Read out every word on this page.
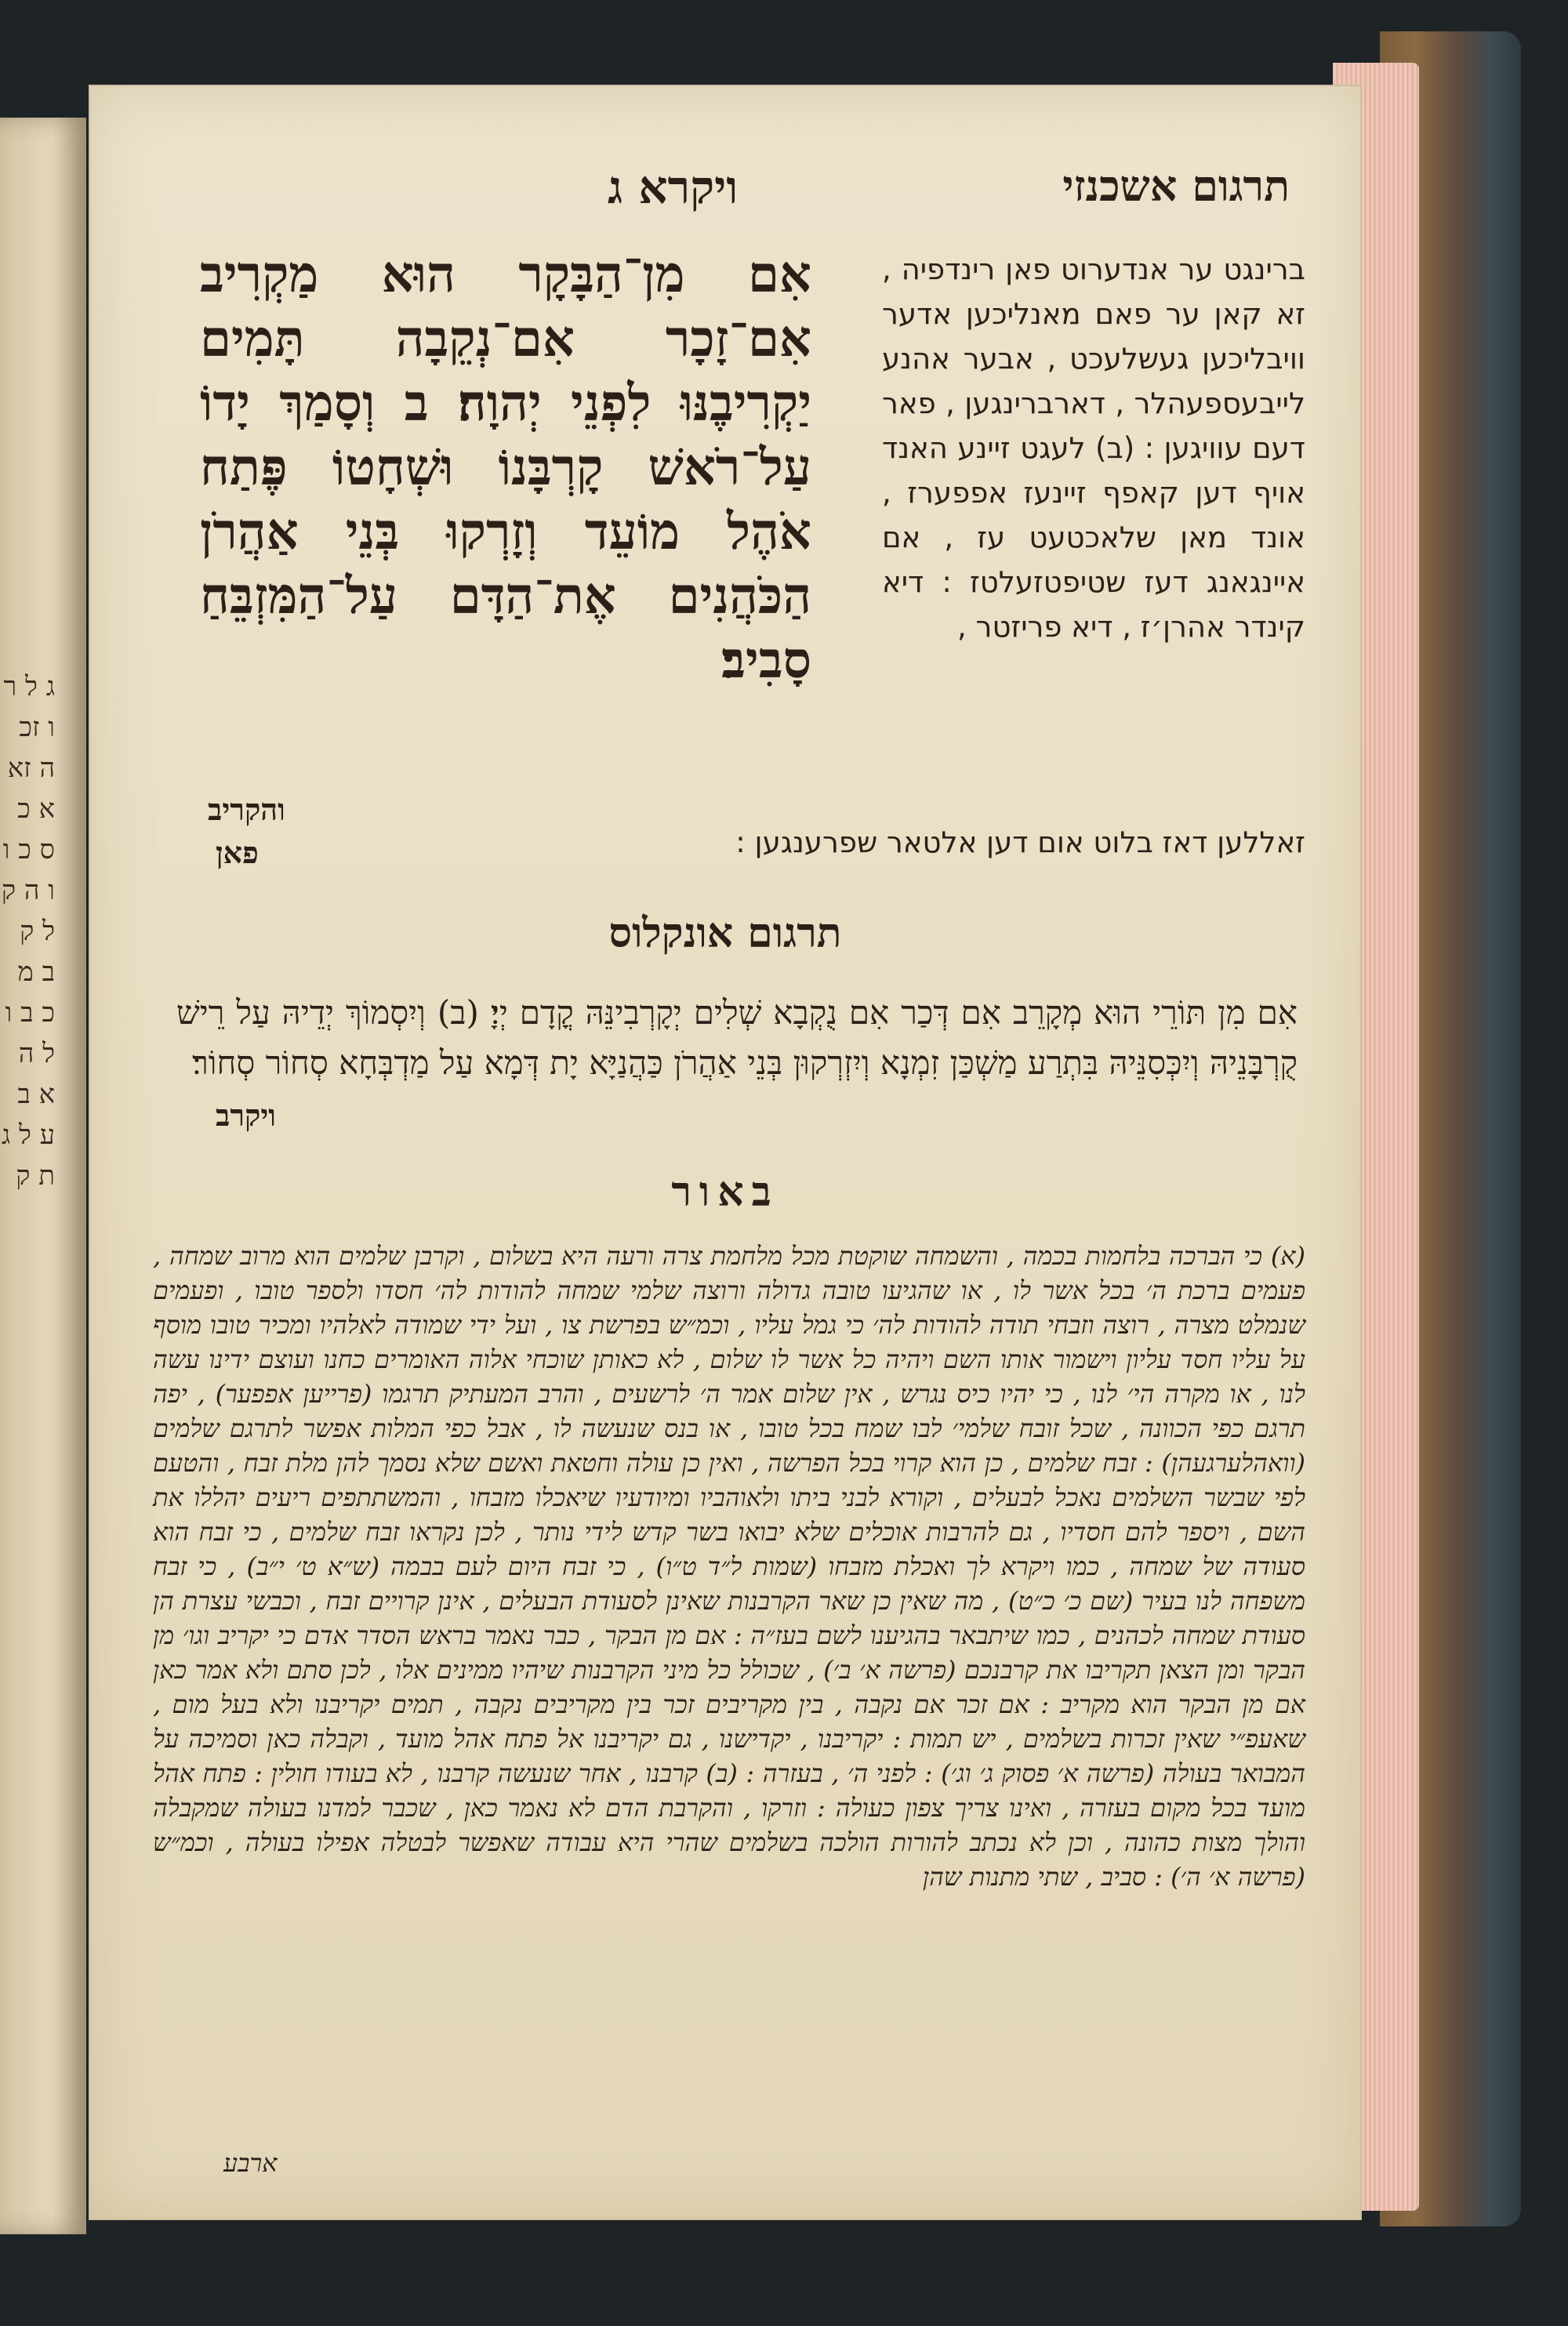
ג ל ר ו זכ ה זא א כ ס כ ו ו ה ק ל ק ב מ כ ב ו ל ה א ב ע ל ג ת ק
תרגום אשכנזי
ויקרא ג
אִם מִן־הַבָּקָר הוּא מַקְרִיב אִם־זָכָר אִם־נְקֵבָה תָּמִים יַקְרִיבֶנּוּ לִפְנֵי יְהוָה׃ ב וְסָמַךְ יָדוֹ עַל־רֹאשׁ קָרְבָּנוֹ וּשְׁחָטוֹ פֶּתַח אֹהֶל מוֹעֵד וְזָרְקוּ בְּנֵי אַהֲרֹן הַכֹּהֲנִים אֶת־הַדָּם עַל־הַמִּזְבֵּחַ סָבִיב׃
ברינגט ער אנדערוט פאן רינדפיה , זא קאן ער פאם מאנליכען אדער וויבליכען געשלעכט , אבער אהנע לייבעספעהלר , דארברינגען , פאר דעם עוויגען : (ב) לעגט זיינע האנד אויף דען קאפף זיינעז אפפערז , אונד מאן שלאכטעט עז , אם איינגאנג דעז שטיפטזעלטז : דיא קינדר אהרן׳ז , דיא פריזטר ,
והקריב
פאן	זאללען דאז בלוט אום דען אלטאר שפרענגען :
תרגום אונקלוס
אִם מִן תּוֹרֵי הוּא מְקָרֵב אִם דְּכַר אִם נֻקְבָא שְׁלִים יְקָרְבִינֵּהּ קֳדָם יְיָ׃ (ב) וְיִסְמוֹךְ יְדֵיהּ עַל רֵישׁ קֻרְבָּנֵיהּ וְיִכְּסִנֵּיהּ בִּתְרַע מַשְׁכַּן זִמְנָא וְיִזְרְקוּן בְּנֵי אַהֲרֹן כַּהֲנַיָּא יָת דְּמָא עַל מַדְבְּחָא סְחוֹר סְחוֹר׃
ויקרב
באור
(א) כי הברכה בלחמות בכמה , והשמחה שוקטת מכל מלחמת צרה ורעה היא בשלום , וקרבן שלמים הוא מרוב שמחה , פעמים ברכת ה׳ בכל אשר לו , או שהגיעו טובה גדולה ורוצה שלמי שמחה להודות לה׳ חסדו ולספר טובו , ופעמים שנמלט מצרה , רוצה וזבחי תודה להודות לה׳ כי גמל עליו , וכמ״ש בפרשת צו , ועל ידי שמודה לאלהיו ומכיר טובו מוסף על עליו חסד עליון וישמור אותו השם ויהיה כל אשר לו שלום , לא כאותן שוכחי אלוה האומרים כחנו ועוצם ידינו עשה לנו , או מקרה הי׳ לנו , כי יהיו כיס נגרש , אין שלום אמר ה׳ לרשעים , והרב המעתיק תרגמו (פרייען אפפער) , יפה תרגם כפי הכוונה , שכל זובח שלמי׳ לבו שמח בכל טובו , או בנס שנעשה לו , אבל כפי המלות אפשר לתרגם שלמים (וואהלערגעהן) : זבח שלמים , כן הוא קרוי בכל הפרשה , ואין כן עולה וחטאת ואשם שלא נסמך להן מלת זבח , והטעם לפי שבשר השלמים נאכל לבעלים , וקורא לבני ביתו ולאוהביו ומיודעיו שיאכלו מזבחו , והמשתתפים ריעים יהללו את השם , ויספר להם חסדיו , גם להרבות אוכלים שלא יבואו בשר קדש לידי נותר , לכן נקראו זבח שלמים , כי זבח הוא סעודה של שמחה , כמו ויקרא לך ואכלת מזבחו (שמות ל״ד ט״ו) , כי זבח היום לעם בבמה (ש״א ט׳ י״ב) , כי זבח משפחה לנו בעיר (שם כ׳ כ״ט) , מה שאין כן שאר הקרבנות שאינן לסעודת הבעלים , אינן קרויים זבח , וכבשי עצרת הן סעודת שמחה לכהנים , כמו שיתבאר בהגיענו לשם בעז״ה : אם מן הבקר , כבר נאמר בראש הסדר אדם כי יקריב וגו׳ מן הבקר ומן הצאן תקריבו את קרבנכם (פרשה א׳ ב׳) , שכולל כל מיני הקרבנות שיהיו ממינים אלו , לכן סתם ולא אמר כאן אם מן הבקר הוא מקריב : אם זכר אם נקבה , בין מקריבים זכר בין מקריבים נקבה , תמים יקריבנו ולא בעל מום , שאעפ״י שאין זכרות בשלמים , יש תמות : יקריבנו , יקדישנו , גם יקריבנו אל פתח אהל מועד , וקבלה כאן וסמיכה על המבואר בעולה (פרשה א׳ פסוק ג׳ וג׳) : לפני ה׳ , בעזרה : (ב) קרבנו , אחר שנעשה קרבנו , לא בעודו חולין : פתח אהל מועד בכל מקום בעזרה , ואינו צריך צפון כעולה : וזרקו , והקרבת הדם לא נאמר כאן , שכבר למדנו בעולה שמקבלה והולך מצות כהונה , וכן לא נכתב להורות הולכה בשלמים שהרי היא עבודה שאפשר לבטלה אפילו בעולה , וכמ״ש (פרשה א׳ ה׳) : סביב , שתי מתנות שהן
ארבע
